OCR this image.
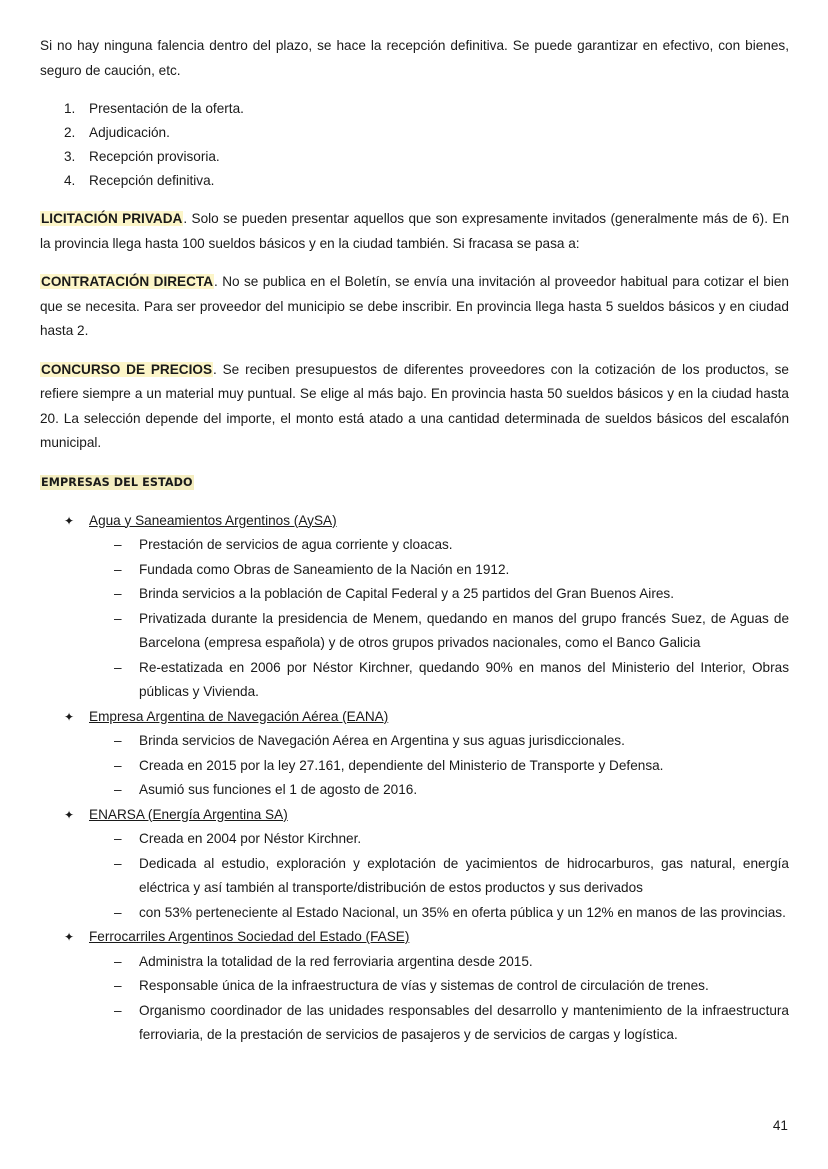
Si no hay ninguna falencia dentro del plazo, se hace la recepción definitiva. Se puede garantizar en efectivo, con bienes, seguro de caución, etc.

1. Presentación de la oferta.
2. Adjudicación.
3. Recepción provisoria.
4. Recepción definitiva.

LICITACIÓN PRIVADA. Solo se pueden presentar aquellos que son expresamente invitados (generalmente más de 6). En la provincia llega hasta 100 sueldos básicos y en la ciudad también. Si fracasa se pasa a:

CONTRATACIÓN DIRECTA. No se publica en el Boletín, se envía una invitación al proveedor habitual para cotizar el bien que se necesita. Para ser proveedor del municipio se debe inscribir. En provincia llega hasta 5 sueldos básicos y en ciudad hasta 2.

CONCURSO DE PRECIOS. Se reciben presupuestos de diferentes proveedores con la cotización de los productos, se refiere siempre a un material muy puntual. Se elige al más bajo. En provincia hasta 50 sueldos básicos y en la ciudad hasta 20. La selección depende del importe, el monto está atado a una cantidad determinada de sueldos básicos del escalafón municipal.

EMPRESAS DEL ESTADO
✦ Agua y Saneamientos Argentinos (AySA)
– Prestación de servicios de agua corriente y cloacas.
– Fundada como Obras de Saneamiento de la Nación en 1912.
– Brinda servicios a la población de Capital Federal y a 25 partidos del Gran Buenos Aires.
– Privatizada durante la presidencia de Menem, quedando en manos del grupo francés Suez, de Aguas de Barcelona (empresa española) y de otros grupos privados nacionales, como el Banco Galicia
– Re-estatizada en 2006 por Néstor Kirchner, quedando 90% en manos del Ministerio del Interior, Obras públicas y Vivienda.
✦ Empresa Argentina de Navegación Aérea (EANA)
– Brinda servicios de Navegación Aérea en Argentina y sus aguas jurisdiccionales.
– Creada en 2015 por la ley 27.161, dependiente del Ministerio de Transporte y Defensa.
– Asumió sus funciones el 1 de agosto de 2016.
✦ ENARSA (Energía Argentina SA)
– Creada en 2004 por Néstor Kirchner.
– Dedicada al estudio, exploración y explotación de yacimientos de hidrocarburos, gas natural, energía eléctrica y así también al transporte/distribución de estos productos y sus derivados
– con 53% perteneciente al Estado Nacional, un 35% en oferta pública y un 12% en manos de las provincias.
✦ Ferrocarriles Argentinos Sociedad del Estado (FASE)
– Administra la totalidad de la red ferroviaria argentina desde 2015.
– Responsable única de la infraestructura de vías y sistemas de control de circulación de trenes.
– Organismo coordinador de las unidades responsables del desarrollo y mantenimiento de la infraestructura ferroviaria, de la prestación de servicios de pasajeros y de servicios de cargas y logística.
41
